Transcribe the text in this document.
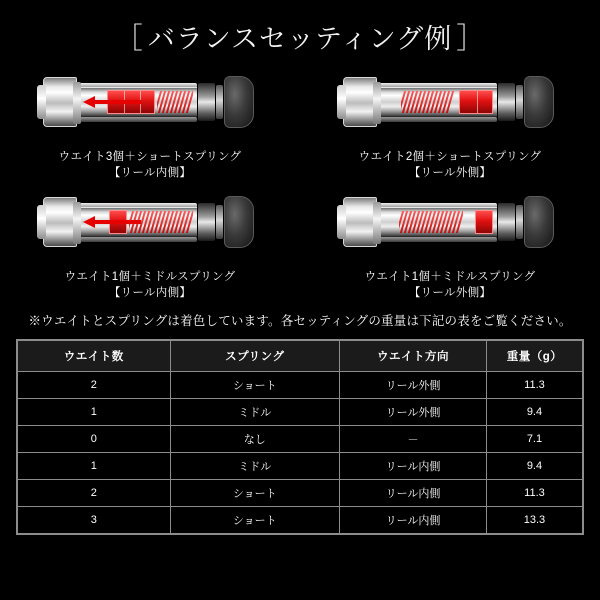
［ バランスセッティング例 ］
ウエイト3個＋ショートスプリング
【リール内側】
ウエイト2個＋ショートスプリング
【リール外側】
ウエイト1個＋ミドルスプリング
【リール内側】
ウエイト1個＋ミドルスプリング
【リール外側】
※ウエイトとスプリングは着色しています。各セッティングの重量は下記の表をご覧ください。
ウエイト数	スプリング	ウエイト方向	重量（g）
2	ショート	リール外側	11.3
1	ミドル	リール外側	9.4
0	なし	－	7.1
1	ミドル	リール内側	9.4
2	ショート	リール内側	11.3
3	ショート	リール内側	13.3
